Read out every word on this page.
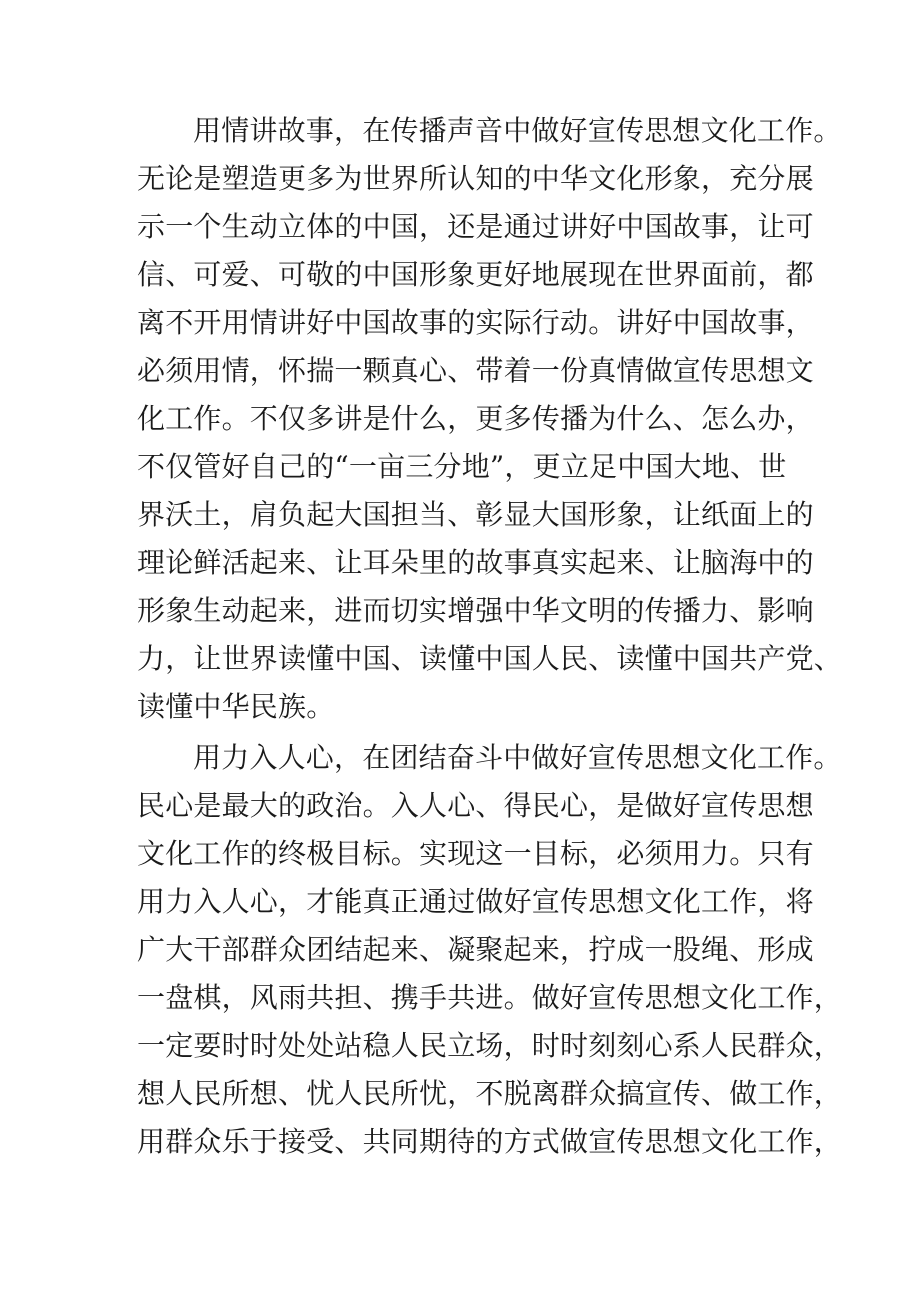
用情讲故事，在传播声音中做好宣传思想文化工作。
无论是塑造更多为世界所认知的中华文化形象，充分展
示一个生动立体的中国，还是通过讲好中国故事，让可
信、可爱、可敬的中国形象更好地展现在世界面前，都
离不开用情讲好中国故事的实际行动。讲好中国故事，
必须用情，怀揣一颗真心、带着一份真情做宣传思想文
化工作。不仅多讲是什么，更多传播为什么、怎么办，
不仅管好自己的“一亩三分地”，更立足中国大地、世
界沃土，肩负起大国担当、彰显大国形象，让纸面上的
理论鲜活起来、让耳朵里的故事真实起来、让脑海中的
形象生动起来，进而切实增强中华文明的传播力、影响
力，让世界读懂中国、读懂中国人民、读懂中国共产党、
读懂中华民族。
用力入人心，在团结奋斗中做好宣传思想文化工作。
民心是最大的政治。入人心、得民心，是做好宣传思想
文化工作的终极目标。实现这一目标，必须用力。只有
用力入人心，才能真正通过做好宣传思想文化工作，将
广大干部群众团结起来、凝聚起来，拧成一股绳、形成
一盘棋，风雨共担、携手共进。做好宣传思想文化工作，
一定要时时处处站稳人民立场，时时刻刻心系人民群众，
想人民所想、忧人民所忧，不脱离群众搞宣传、做工作，
用群众乐于接受、共同期待的方式做宣传思想文化工作，
